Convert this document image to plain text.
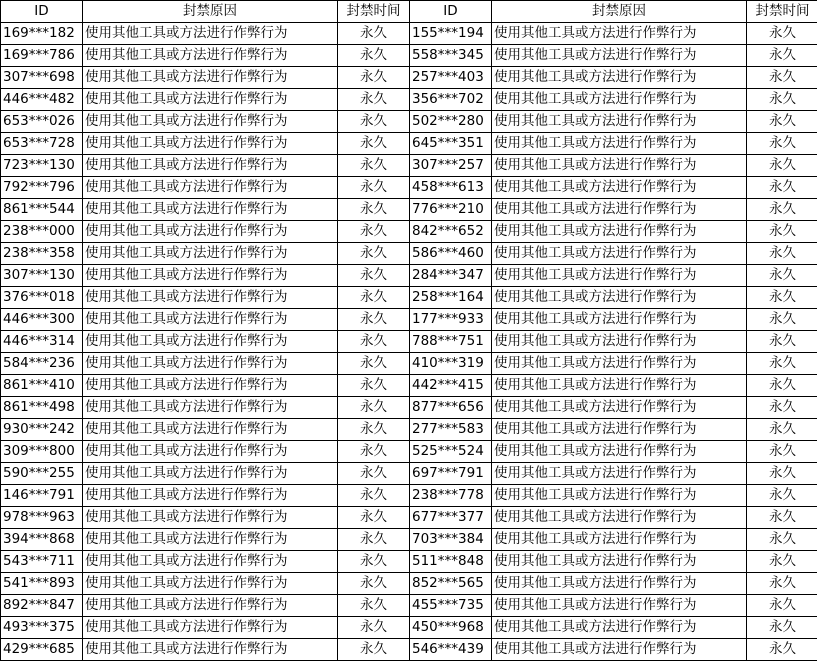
ID	封禁原因	封禁时间	ID	封禁原因	封禁时间
169***182	使用其他工具或方法进行作弊行为	永久	155***194	使用其他工具或方法进行作弊行为	永久
169***786	使用其他工具或方法进行作弊行为	永久	558***345	使用其他工具或方法进行作弊行为	永久
307***698	使用其他工具或方法进行作弊行为	永久	257***403	使用其他工具或方法进行作弊行为	永久
446***482	使用其他工具或方法进行作弊行为	永久	356***702	使用其他工具或方法进行作弊行为	永久
653***026	使用其他工具或方法进行作弊行为	永久	502***280	使用其他工具或方法进行作弊行为	永久
653***728	使用其他工具或方法进行作弊行为	永久	645***351	使用其他工具或方法进行作弊行为	永久
723***130	使用其他工具或方法进行作弊行为	永久	307***257	使用其他工具或方法进行作弊行为	永久
792***796	使用其他工具或方法进行作弊行为	永久	458***613	使用其他工具或方法进行作弊行为	永久
861***544	使用其他工具或方法进行作弊行为	永久	776***210	使用其他工具或方法进行作弊行为	永久
238***000	使用其他工具或方法进行作弊行为	永久	842***652	使用其他工具或方法进行作弊行为	永久
238***358	使用其他工具或方法进行作弊行为	永久	586***460	使用其他工具或方法进行作弊行为	永久
307***130	使用其他工具或方法进行作弊行为	永久	284***347	使用其他工具或方法进行作弊行为	永久
376***018	使用其他工具或方法进行作弊行为	永久	258***164	使用其他工具或方法进行作弊行为	永久
446***300	使用其他工具或方法进行作弊行为	永久	177***933	使用其他工具或方法进行作弊行为	永久
446***314	使用其他工具或方法进行作弊行为	永久	788***751	使用其他工具或方法进行作弊行为	永久
584***236	使用其他工具或方法进行作弊行为	永久	410***319	使用其他工具或方法进行作弊行为	永久
861***410	使用其他工具或方法进行作弊行为	永久	442***415	使用其他工具或方法进行作弊行为	永久
861***498	使用其他工具或方法进行作弊行为	永久	877***656	使用其他工具或方法进行作弊行为	永久
930***242	使用其他工具或方法进行作弊行为	永久	277***583	使用其他工具或方法进行作弊行为	永久
309***800	使用其他工具或方法进行作弊行为	永久	525***524	使用其他工具或方法进行作弊行为	永久
590***255	使用其他工具或方法进行作弊行为	永久	697***791	使用其他工具或方法进行作弊行为	永久
146***791	使用其他工具或方法进行作弊行为	永久	238***778	使用其他工具或方法进行作弊行为	永久
978***963	使用其他工具或方法进行作弊行为	永久	677***377	使用其他工具或方法进行作弊行为	永久
394***868	使用其他工具或方法进行作弊行为	永久	703***384	使用其他工具或方法进行作弊行为	永久
543***711	使用其他工具或方法进行作弊行为	永久	511***848	使用其他工具或方法进行作弊行为	永久
541***893	使用其他工具或方法进行作弊行为	永久	852***565	使用其他工具或方法进行作弊行为	永久
892***847	使用其他工具或方法进行作弊行为	永久	455***735	使用其他工具或方法进行作弊行为	永久
493***375	使用其他工具或方法进行作弊行为	永久	450***968	使用其他工具或方法进行作弊行为	永久
429***685	使用其他工具或方法进行作弊行为	永久	546***439	使用其他工具或方法进行作弊行为	永久
